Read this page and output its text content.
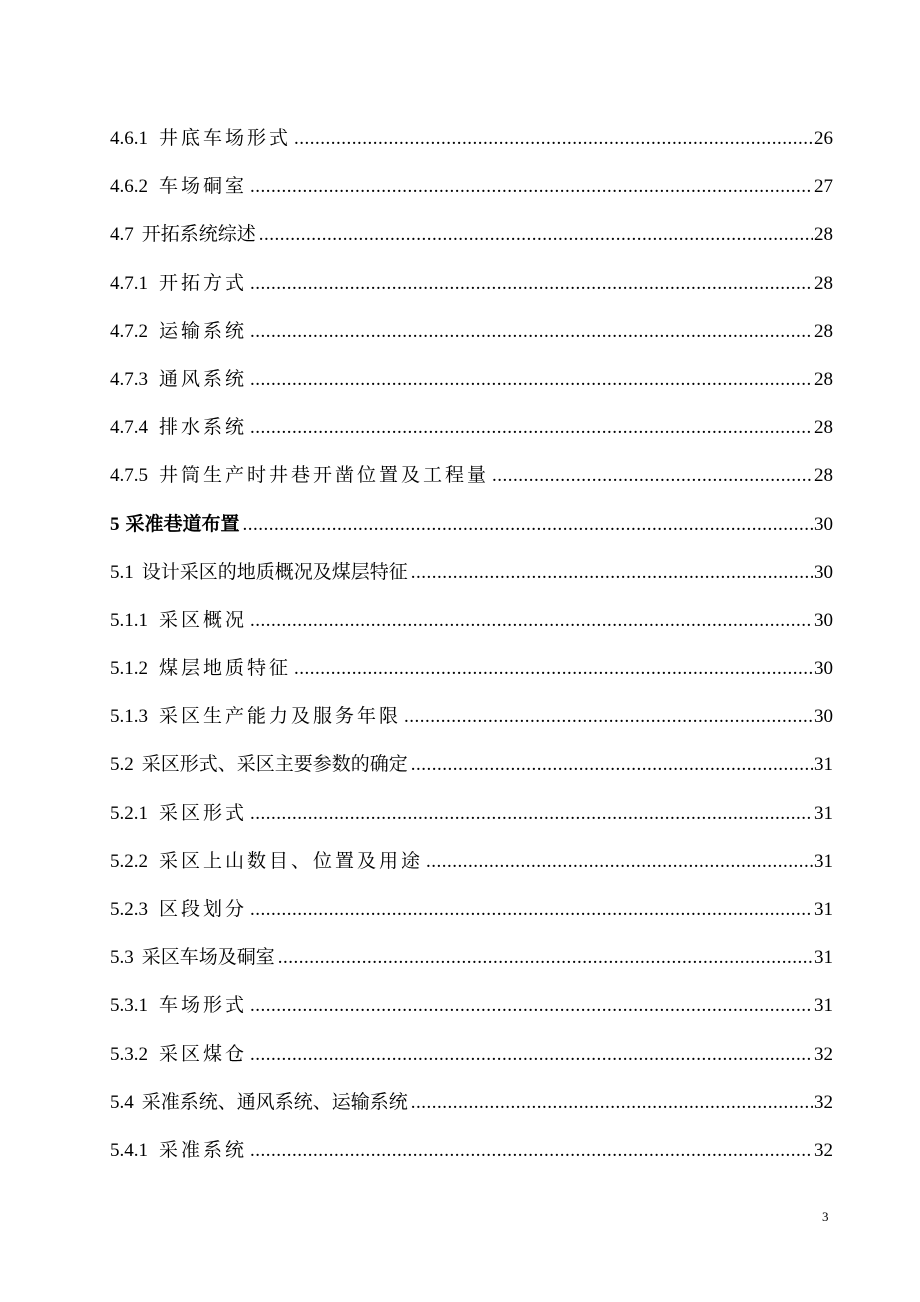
4.6.1 井底车场形式 .....	26
4.6.2 车场硐室 .....	27
4.7 开拓系统综述 .....	28
4.7.1 开拓方式 .....	28
4.7.2 运输系统 .....	28
4.7.3 通风系统 .....	28
4.7.4 排水系统 .....	28
4.7.5 井筒生产时井巷开凿位置及工程量 .....	28
5 采准巷道布置 .....	30
5.1 设计采区的地质概况及煤层特征 .....	30
5.1.1 采区概况 .....	30
5.1.2 煤层地质特征 .....	30
5.1.3 采区生产能力及服务年限 .....	30
5.2 采区形式、采区主要参数的确定 .....	31
5.2.1 采区形式 .....	31
5.2.2 采区上山数目、位置及用途 .....	31
5.2.3 区段划分 .....	31
5.3 采区车场及硐室 .....	31
5.3.1 车场形式 .....	31
5.3.2 采区煤仓 .....	32
5.4 采准系统、通风系统、运输系统 .....	32
5.4.1 采准系统 .....	32
3
